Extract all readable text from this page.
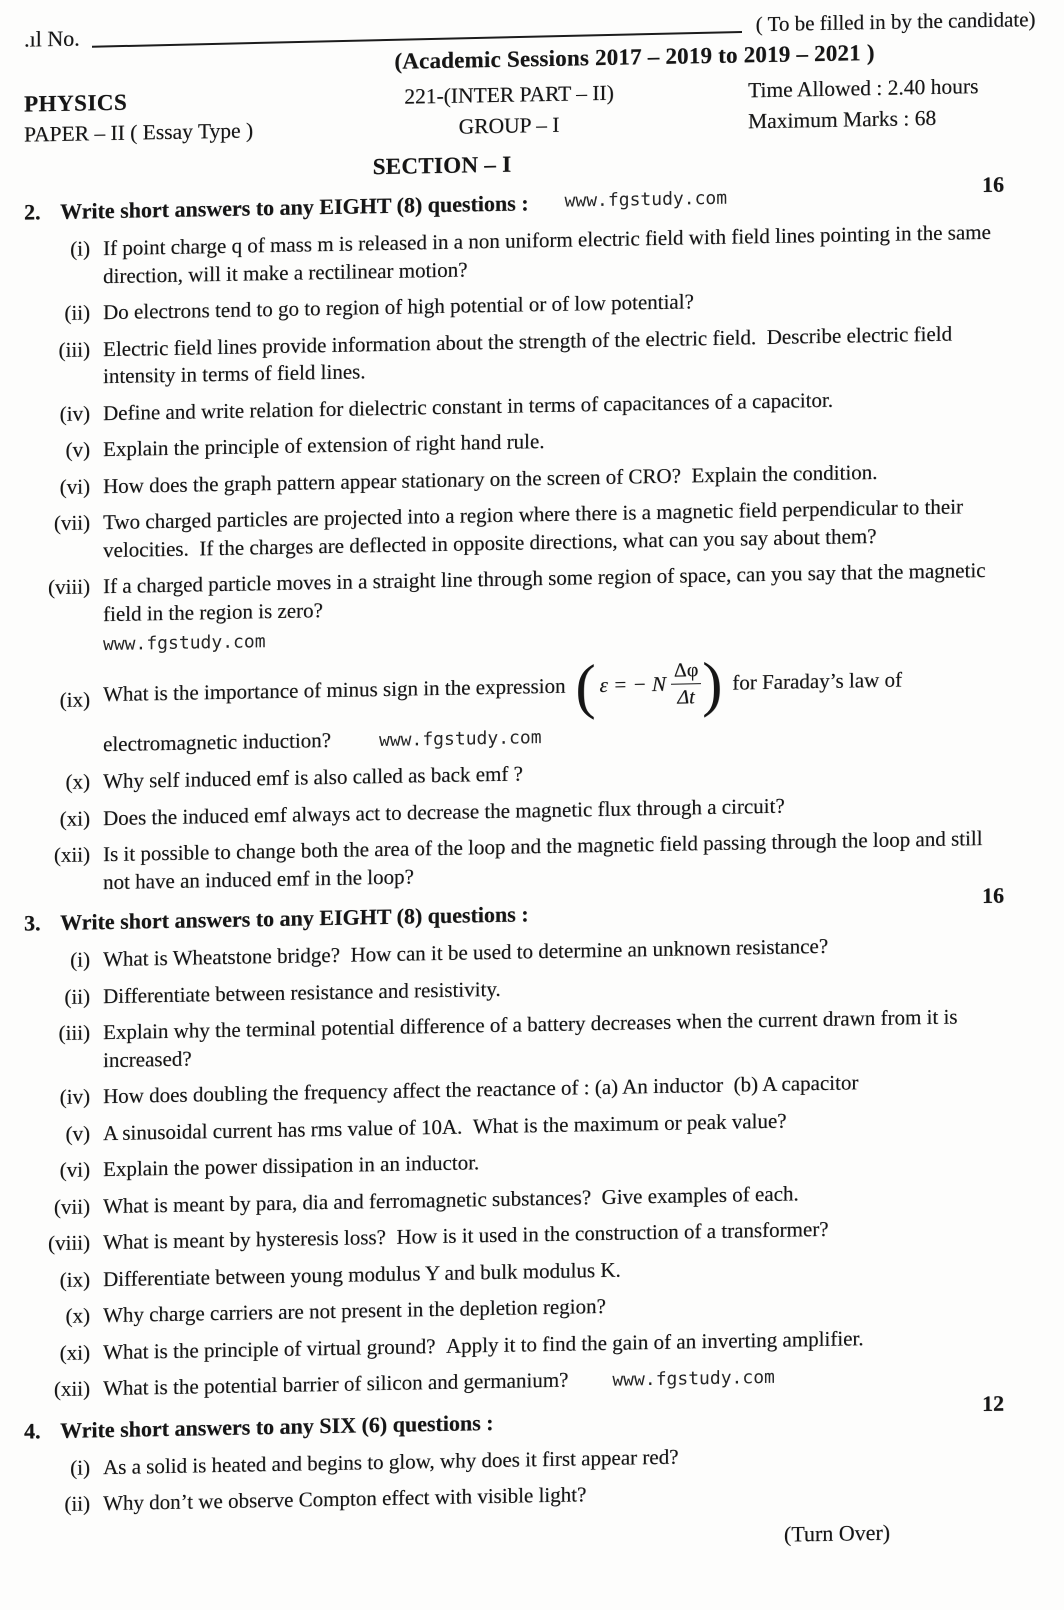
.ıl No.
( To be filled in by the candidate)
(Academic Sessions 2017 – 2019 to 2019 – 2021 )
PHYSICS
PAPER – II ( Essay Type )
221-(INTER PART – II)
GROUP – I
Time Allowed : 2.40 hours
Maximum Marks : 68
SECTION – I
2. Write short answers to any EIGHT (8) questions : www.fgstudy.com
16
(i) If point charge q of mass m is released in a non uniform electric field with field lines pointing in the same direction, will it make a rectilinear motion?
(ii) Do electrons tend to go to region of high potential or of low potential?
(iii) Electric field lines provide information about the strength of the electric field. Describe electric field intensity in terms of field lines.
(iv) Define and write relation for dielectric constant in terms of capacitances of a capacitor.
(v) Explain the principle of extension of right hand rule.
(vi) How does the graph pattern appear stationary on the screen of CRO? Explain the condition.
(vii) Two charged particles are projected into a region where there is a magnetic field perpendicular to their velocities. If the charges are deflected in opposite directions, what can you say about them?
(viii) If a charged particle moves in a straight line through some region of space, can you say that the magnetic field in the region is zero?
www.fgstudy.com
(ix) What is the importance of minus sign in the expression ( ε = − N $\frac{\Delta\varphi}{\Delta t}$ ) for Faraday’s law of
electromagnetic induction?	www.fgstudy.com
(x) Why self induced emf is also called as back emf ?
(xi) Does the induced emf always act to decrease the magnetic flux through a circuit?
(xii) Is it possible to change both the area of the loop and the magnetic field passing through the loop and still not have an induced emf in the loop?
3. Write short answers to any EIGHT (8) questions :
16
(i) What is Wheatstone bridge? How can it be used to determine an unknown resistance?
(ii) Differentiate between resistance and resistivity.
(iii) Explain why the terminal potential difference of a battery decreases when the current drawn from it is increased?
(iv) How does doubling the frequency affect the reactance of : (a) An inductor (b) A capacitor
(v) A sinusoidal current has rms value of 10A. What is the maximum or peak value?
(vi) Explain the power dissipation in an inductor.
(vii) What is meant by para, dia and ferromagnetic substances? Give examples of each.
(viii) What is meant by hysteresis loss? How is it used in the construction of a transformer?
(ix) Differentiate between young modulus Y and bulk modulus K.
(x) Why charge carriers are not present in the depletion region?
(xi) What is the principle of virtual ground? Apply it to find the gain of an inverting amplifier.
(xii) What is the potential barrier of silicon and germanium? www.fgstudy.com
4. Write short answers to any SIX (6) questions :
12
(i) As a solid is heated and begins to glow, why does it first appear red?
(ii) Why don’t we observe Compton effect with visible light?
(Turn Over)
